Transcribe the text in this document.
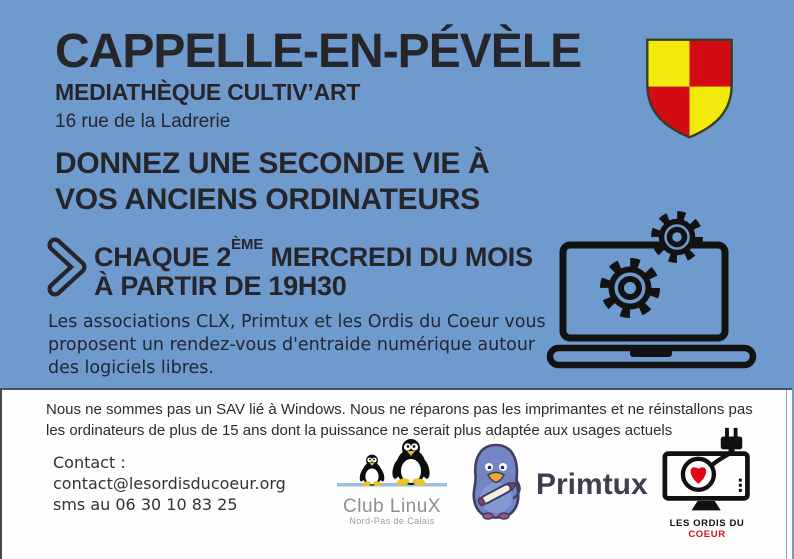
CAPPELLE-EN-PÉVÈLE
MEDIATHÈQUE CULTIV’ART
16 rue de la Ladrerie
DONNEZ UNE SECONDE VIE À
VOS ANCIENS ORDINATEURS
CHAQUE 2ÈME MERCREDI DU MOIS
À PARTIR DE 19H30
Les associations CLX, Primtux et les Ordis du Coeur vous proposent un rendez-vous d'entraide numérique autour des logiciels libres.
Nous ne sommes pas un SAV lié à Windows. Nous ne réparons pas les imprimantes et ne réinstallons pas les ordinateurs de plus de 15 ans dont la puissance ne serait plus adaptée aux usages actuels
Contact :
contact@lesordisducoeur.org
sms au 06 30 10 83 25	Club LinuX
Nord-Pas de Calais
Primtux
LES ORDIS DU COEUR
